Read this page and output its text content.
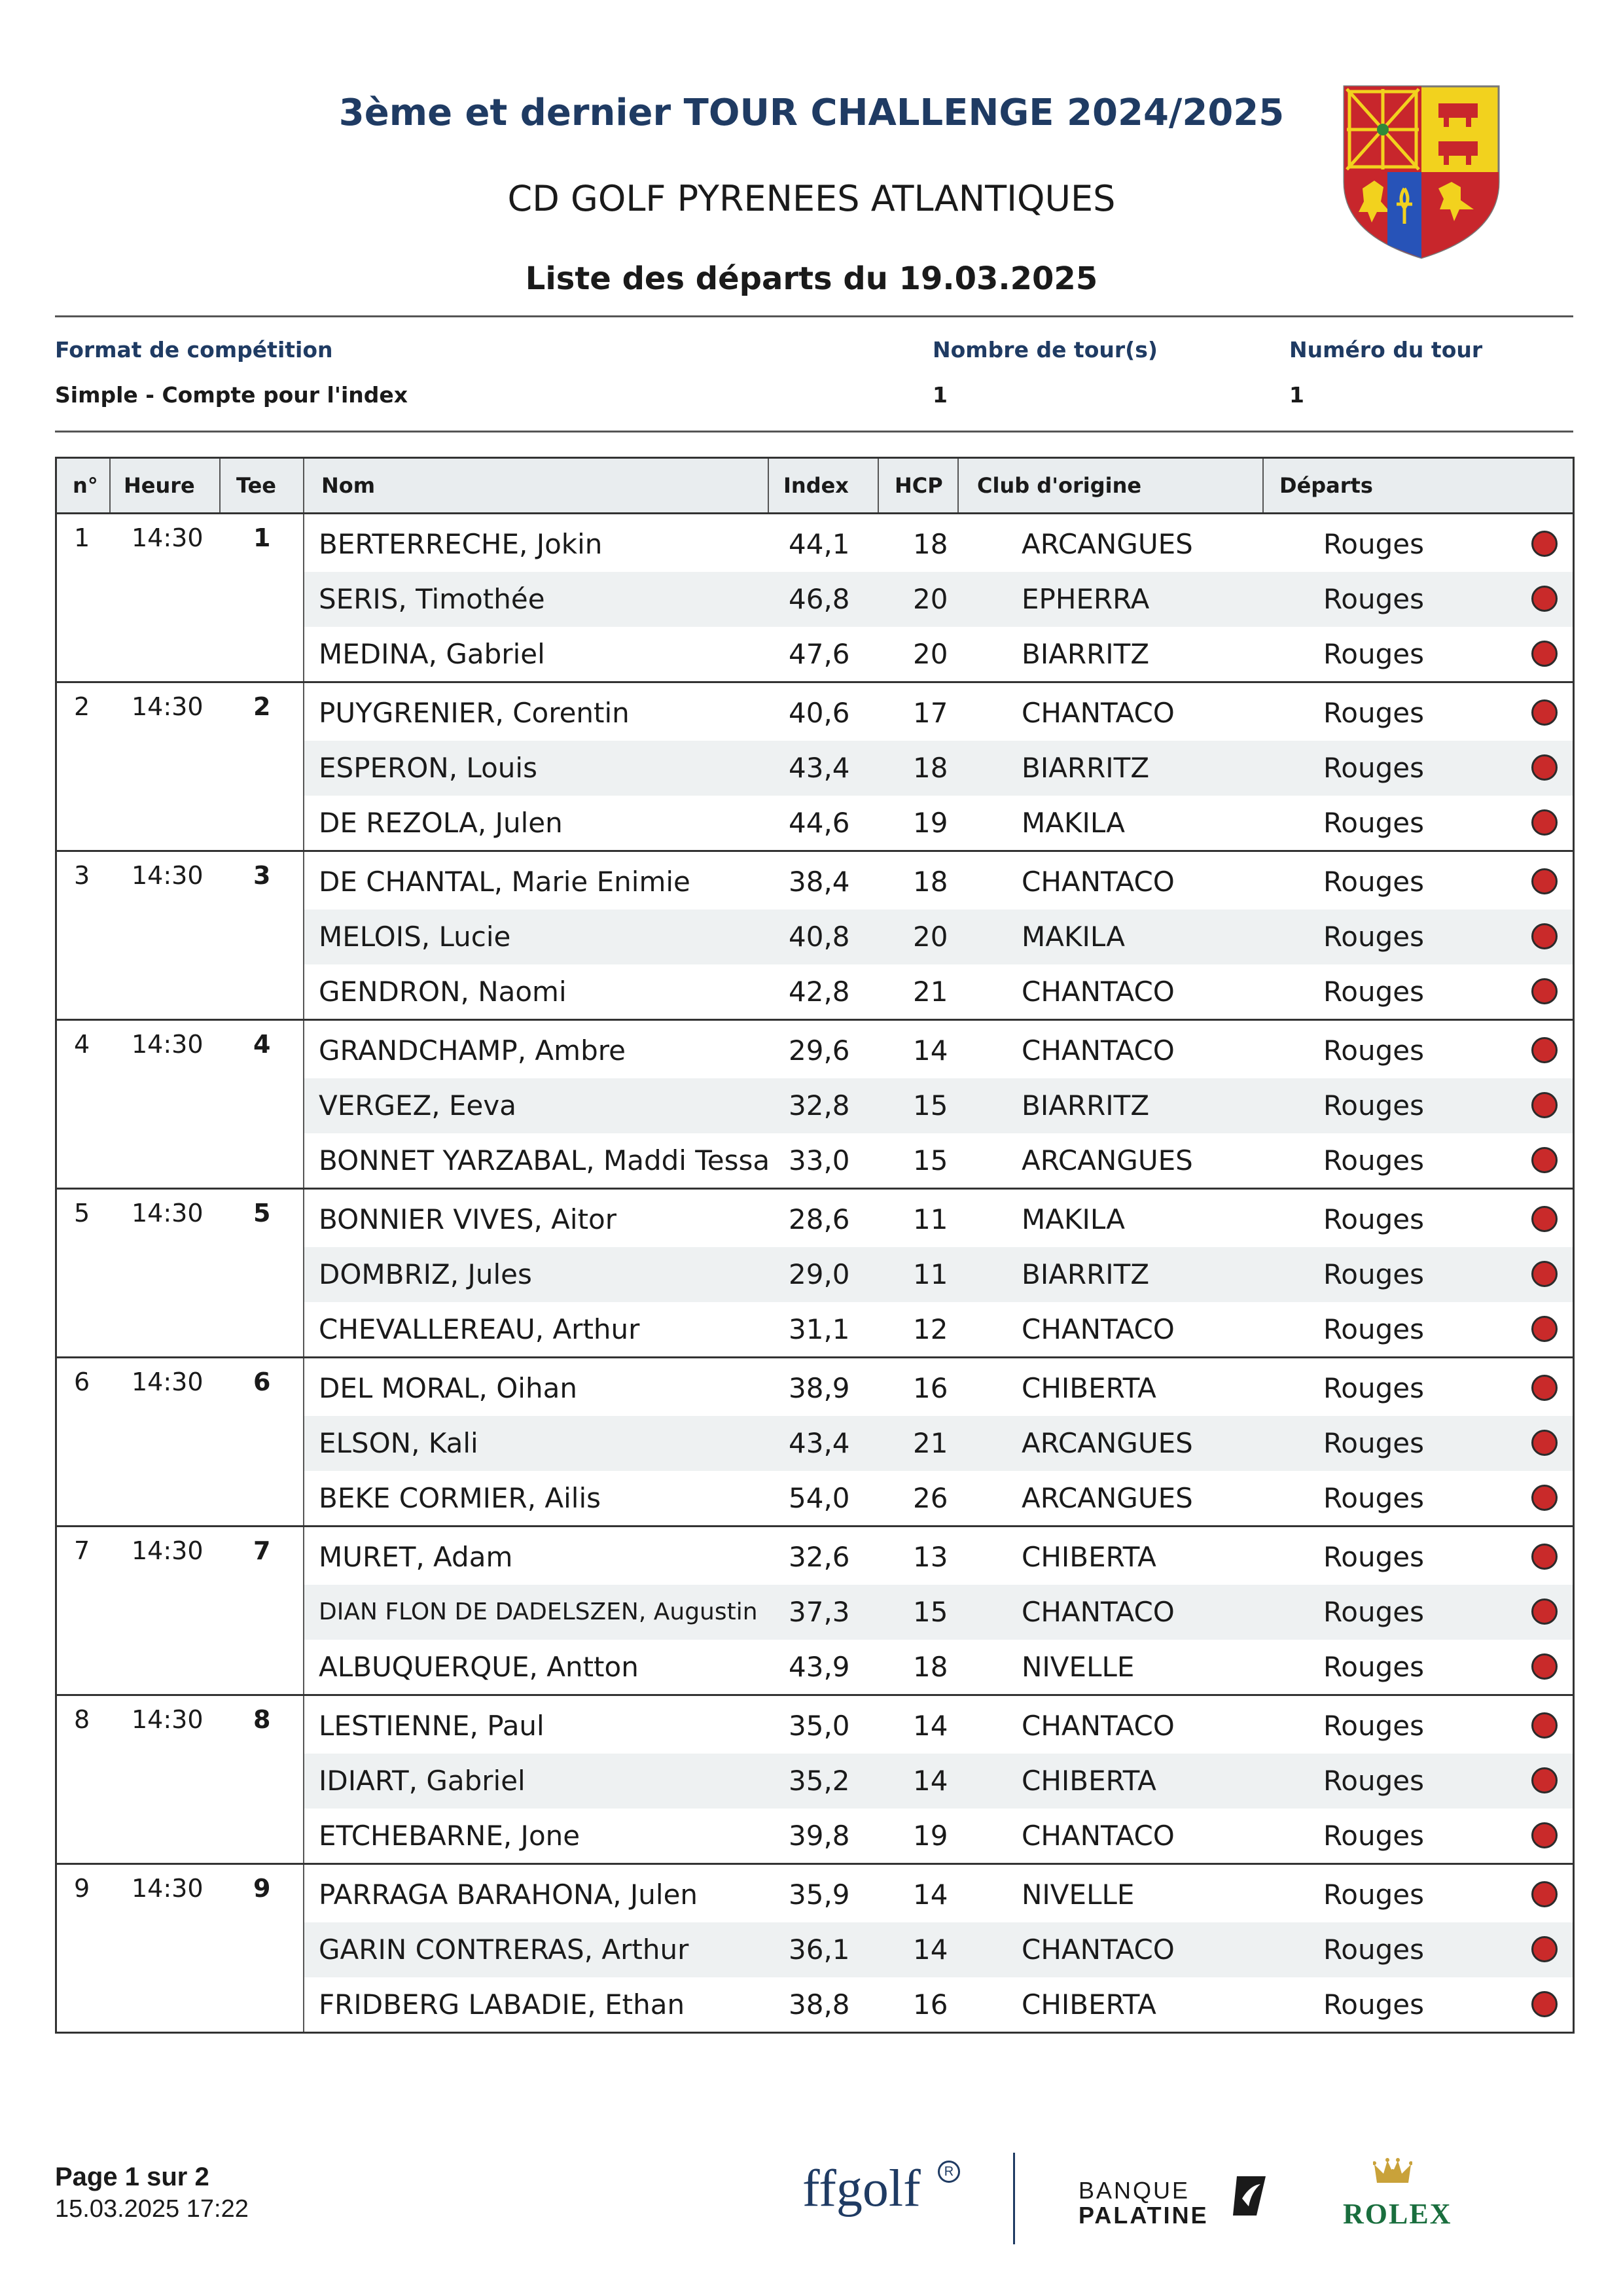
3ème et dernier TOUR CHALLENGE 2024/2025
CD GOLF PYRENEES ATLANTIQUES
Liste des départs du 19.03.2025
Format de compétition
Simple - Compte pour l'index
Nombre de tour(s)
1
Numéro du tour
1
n° Heure Tee Nom	Index HCP Club d'origine	Départs
1 14:30 1 BERTERRECHE, Jokin	44,1 18	ARCANGUES	Rouges
SERIS, Timothée	46,8 20	EPHERRA	Rouges
MEDINA, Gabriel	47,6 20	BIARRITZ	Rouges
2 14:30 2 PUYGRENIER, Corentin	40,6 17	CHANTACO	Rouges
ESPERON, Louis	43,4 18	BIARRITZ	Rouges
DE REZOLA, Julen	44,6 19	MAKILA	Rouges
3 14:30 3 DE CHANTAL, Marie Enimie	38,4 18	CHANTACO	Rouges
MELOIS, Lucie	40,8 20	MAKILA	Rouges
GENDRON, Naomi	42,8 21	CHANTACO	Rouges
4 14:30 4 GRANDCHAMP, Ambre	29,6 14	CHANTACO	Rouges
VERGEZ, Eeva	32,8 15	BIARRITZ	Rouges
BONNET YARZABAL, Maddi Tessa 33,0 15	ARCANGUES	Rouges
5 14:30 5 BONNIER VIVES, Aitor	28,6 11	MAKILA	Rouges
DOMBRIZ, Jules	29,0 11	BIARRITZ	Rouges
CHEVALLEREAU, Arthur	31,1 12	CHANTACO	Rouges
6 14:30 6 DEL MORAL, Oihan	38,9 16	CHIBERTA	Rouges
ELSON, Kali	43,4 21	ARCANGUES	Rouges
BEKE CORMIER, Ailis	54,0 26	ARCANGUES	Rouges
7 14:30 7 MURET, Adam	32,6 13	CHIBERTA	Rouges
DIAN FLON DE DADELSZEN, Augustin 37,3 15	CHANTACO	Rouges
ALBUQUERQUE, Antton	43,9 18	NIVELLE	Rouges
8 14:30 8 LESTIENNE, Paul	35,0 14	CHANTACO	Rouges
IDIART, Gabriel	35,2 14	CHIBERTA	Rouges
ETCHEBARNE, Jone	39,8 19	CHANTACO	Rouges
9 14:30 9 PARRAGA BARAHONA, Julen	35,9 14	NIVELLE	Rouges
GARIN CONTRERAS, Arthur	36,1 14	CHANTACO	Rouges
FRIDBERG LABADIE, Ethan	38,8 16	CHIBERTA	Rouges
Page 1 sur 2
15.03.2025 17:22	ffgolf	R
BANQUE
PALATINE	ROLEX
